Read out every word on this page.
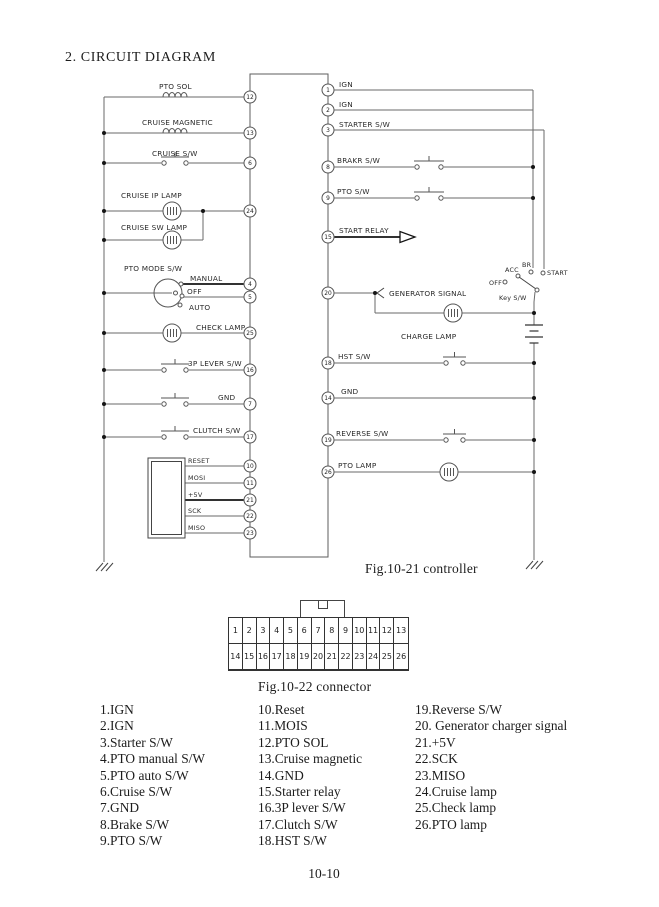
2. CIRCUIT DIAGRAM
12
13
6
24
4
5
25
16
7
17
10
11
21
22
23
1
2
3
8
9
15
20
18
14
19
26
PTO SOL
CRUISE MAGNETIC
CRUISE S/W
CRUISE IP LAMP
CRUISE SW LAMP
PTO MODE S/W
MANUAL
OFF
AUTO
CHECK LAMP
3P LEVER S/W
GND
CLUTCH S/W
RESET
MOSI
+5V
SCK
MISO
IGN
IGN
STARTER S/W
BRAKR S/W
PTO S/W
START RELAY
GENERATOR SIGNAL
CHARGE LAMP
HST S/W
GND
REVERSE S/W
PTO LAMP
ACC
BR
START
OFF
Key S/W
Fig.10-21 controller
1	2	3	4	5	6	7	8	9 10 11 12 13
14 15 16 17 18 19 20 21 22 23 24 25 26
Fig.10-22 connector
1.IGN
2.IGN
3.Starter S/W
4.PTO manual S/W
5.PTO auto S/W
6.Cruise S/W
7.GND
8.Brake S/W
9.PTO S/W
10.Reset
11.MOIS
12.PTO SOL
13.Cruise magnetic
14.GND
15.Starter relay
16.3P lever S/W
17.Clutch S/W
18.HST S/W
19.Reverse S/W
20. Generator charger signal
21.+5V
22.SCK
23.MISO
24.Cruise lamp
25.Check lamp
26.PTO lamp
10-10
